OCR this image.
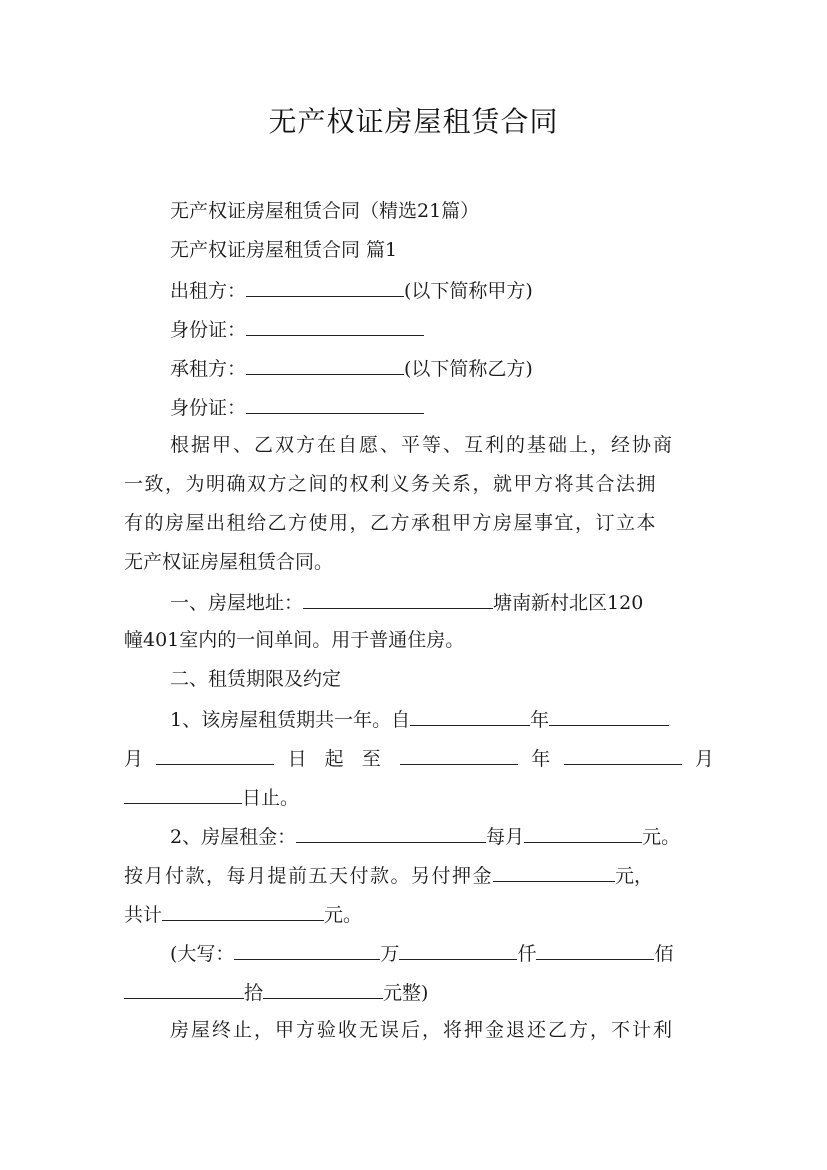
无产权证房屋租赁合同
无产权证房屋租赁合同（精选21篇）
无产权证房屋租赁合同 篇1
出租方：	(以下简称甲方)
身份证：
承租方：	(以下简称乙方)
身份证：
根据甲、乙双方在自愿、平等、互利的基础上，经协商
一致，为明确双方之间的权利义务关系，就甲方将其合法拥
有的房屋出租给乙方使用，乙方承租甲方房屋事宜，订立本
无产权证房屋租赁合同。
一、房屋地址：	塘南新村北区120
幢401室内的一间单间。用于普通住房。
二、租赁期限及约定
1、该房屋租赁期共一年。自	年
月	日 起 至	年	月
日止。
2、房屋租金：	每月	元。
按月付款，每月提前五天付款。另付押金	元，
共计	元。
(大写：	万	仟	佰
拾	元整)
房屋终止，甲方验收无误后，将押金退还乙方，不计利
